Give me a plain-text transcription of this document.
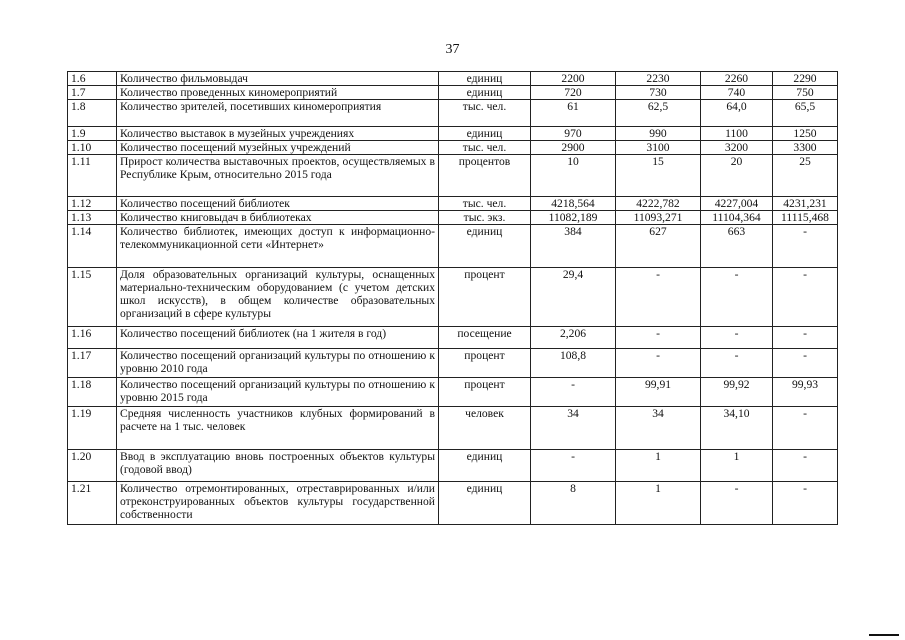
37
1.6	Количество фильмовыдач	единиц	2200	2230	2260	2290
1.7	Количество проведенных киномероприятий	единиц	720	730	740	750
1.8	Количество зрителей, посетивших киномероприятия	тыс. чел.	61	62,5	64,0	65,5
1.9	Количество выставок в музейных учреждениях	единиц	970	990	1100	1250
1.10	Количество посещений музейных учреждений	тыс. чел.	2900	3100	3200	3300
1.11	Прирост количества выставочных проектов, осуществляемых в Республике Крым, относительно 2015 года	процентов	10	15	20	25
1.12	Количество посещений библиотек	тыс. чел.	4218,564	4222,782	4227,004	4231,231
1.13	Количество книговыдач в библиотеках	тыс. экз.	11082,189	11093,271	11104,364	11115,468
1.14	Количество библиотек, имеющих доступ к информационно-телекоммуникационной сети «Интернет»	единиц	384	627	663	-
1.15	Доля образовательных организаций культуры, оснащенных материально-техническим оборудованием (с учетом детских школ искусств), в общем количестве образовательных организаций в сфере культуры	процент	29,4	-	-	-
1.16	Количество посещений библиотек (на 1 жителя в год)	посещение	2,206	-	-	-
1.17	Количество посещений организаций культуры по отношению к уровню 2010 года	процент	108,8	-	-	-
1.18	Количество посещений организаций культуры по отношению к уровню 2015 года	процент	-	99,91	99,92	99,93
1.19	Средняя численность участников клубных формирований в расчете на 1 тыс. человек	человек	34	34	34,10	-
1.20	Ввод в эксплуатацию вновь построенных объектов культуры (годовой ввод)	единиц	-	1	1	-
1.21	Количество отремонтированных, отреставрированных и/или отреконструированных объектов культуры государственной собственности	единиц	8	1	-	-
